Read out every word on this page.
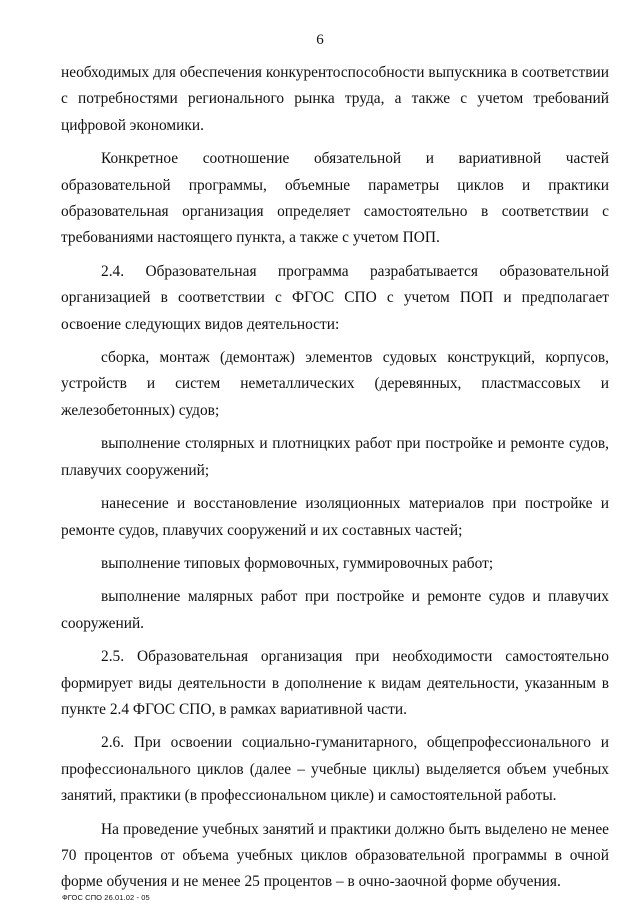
6

необходимых для обеспечения конкурентоспособности выпускника в соответствии с потребностями регионального рынка труда, а также с учетом требований цифровой экономики.

Конкретное соотношение обязательной и вариативной частей образовательной программы, объемные параметры циклов и практики образовательная организация определяет самостоятельно в соответствии с требованиями настоящего пункта, а также с учетом ПОП.

2.4. Образовательная программа разрабатывается образовательной организацией в соответствии с ФГОС СПО с учетом ПОП и предполагает освоение следующих видов деятельности:

сборка, монтаж (демонтаж) элементов судовых конструкций, корпусов, устройств и систем неметаллических (деревянных, пластмассовых и железобетонных) судов;

выполнение столярных и плотницких работ при постройке и ремонте судов, плавучих сооружений;

нанесение и восстановление изоляционных материалов при постройке и ремонте судов, плавучих сооружений и их составных частей;

выполнение типовых формовочных, гуммировочных работ;

выполнение малярных работ при постройке и ремонте судов и плавучих сооружений.

2.5. Образовательная организация при необходимости самостоятельно формирует виды деятельности в дополнение к видам деятельности, указанным в пункте 2.4 ФГОС СПО, в рамках вариативной части.

2.6. При освоении социально-гуманитарного, общепрофессионального и профессионального циклов (далее – учебные циклы) выделяется объем учебных занятий, практики (в профессиональном цикле) и самостоятельной работы.

На проведение учебных занятий и практики должно быть выделено не менее 70 процентов от объема учебных циклов образовательной программы в очной форме обучения и не менее 25 процентов – в очно-заочной форме обучения.

ФГОС СПО 26.01.02 - 05
